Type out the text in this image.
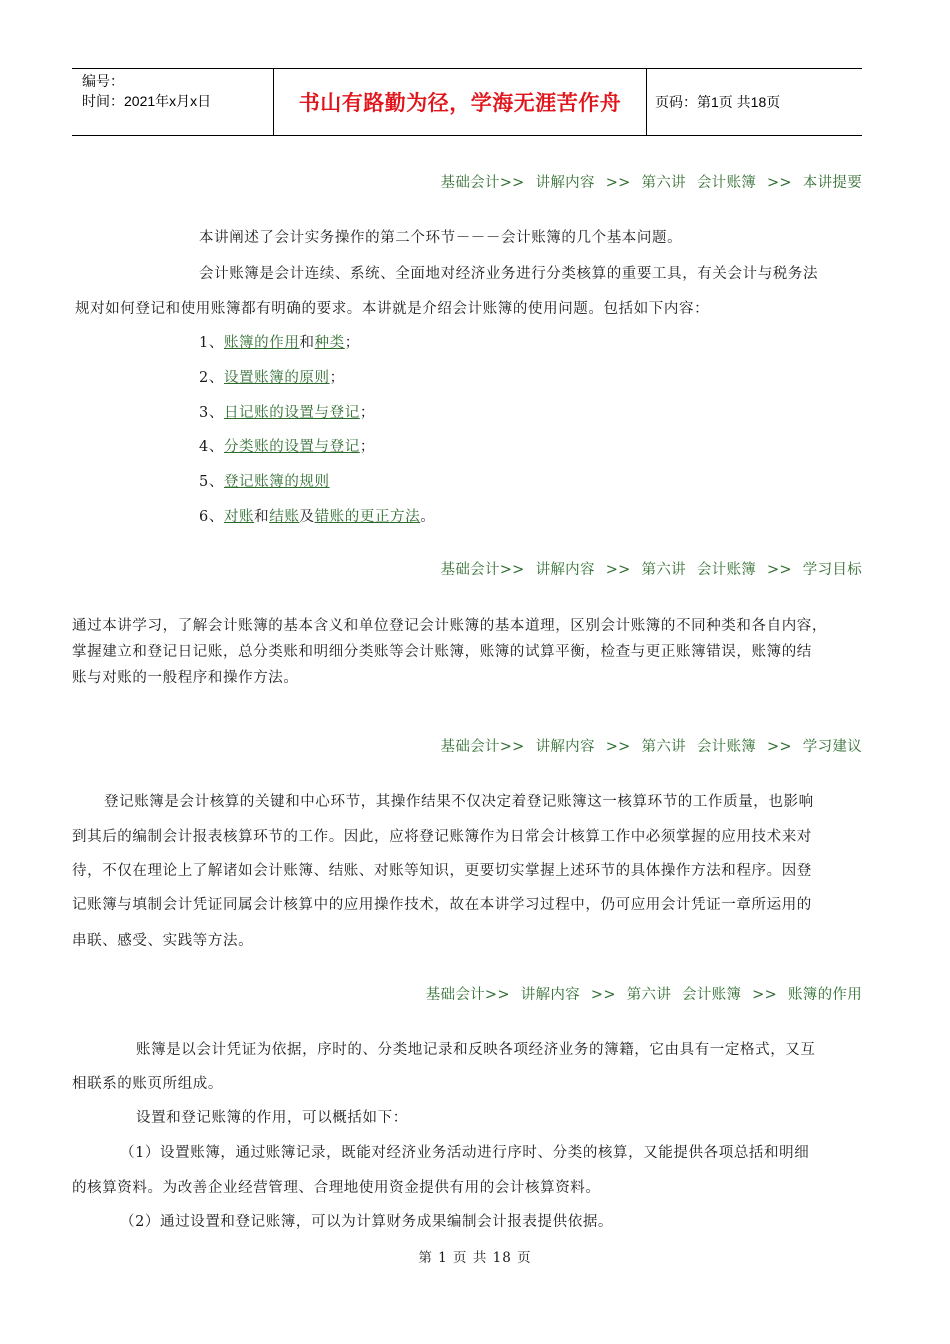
编号：
时间：2021年x月x日	书山有路勤为径，学海无涯苦作舟 页码：第1页 共18页
基础会计>> 讲解内容 >> 第六讲 会计账簿 >> 本讲提要
本讲阐述了会计实务操作的第二个环节－－－会计账簿的几个基本问题。
会计账簿是会计连续、系统、全面地对经济业务进行分类核算的重要工具，有关会计与税务法
规对如何登记和使用账簿都有明确的要求。本讲就是介绍会计账簿的使用问题。包括如下内容：
1、账簿的作用和种类；
2、设置账簿的原则；
3、日记账的设置与登记；
4、分类账的设置与登记；
5、登记账簿的规则
6、对账和结账及错账的更正方法。
基础会计>> 讲解内容 >> 第六讲 会计账簿 >> 学习目标
通过本讲学习，了解会计账簿的基本含义和单位登记会计账簿的基本道理，区别会计账簿的不同种类和各自内容，
掌握建立和登记日记账，总分类账和明细分类账等会计账簿，账簿的试算平衡，检查与更正账簿错误，账簿的结
账与对账的一般程序和操作方法。
基础会计>> 讲解内容 >> 第六讲 会计账簿 >> 学习建议
登记账簿是会计核算的关键和中心环节，其操作结果不仅决定着登记账簿这一核算环节的工作质量，也影响
到其后的编制会计报表核算环节的工作。因此，应将登记账簿作为日常会计核算工作中必须掌握的应用技术来对
待，不仅在理论上了解诸如会计账簿、结账、对账等知识，更要切实掌握上述环节的具体操作方法和程序。因登
记账簿与填制会计凭证同属会计核算中的应用操作技术，故在本讲学习过程中，仍可应用会计凭证一章所运用的
串联、感受、实践等方法。
基础会计>> 讲解内容 >> 第六讲 会计账簿 >> 账簿的作用
账簿是以会计凭证为依据，序时的、分类地记录和反映各项经济业务的簿籍，它由具有一定格式，又互
相联系的账页所组成。
设置和登记账簿的作用，可以概括如下：
（1）设置账簿，通过账簿记录，既能对经济业务活动进行序时、分类的核算，又能提供各项总括和明细
的核算资料。为改善企业经营管理、合理地使用资金提供有用的会计核算资料。
（2）通过设置和登记账簿，可以为计算财务成果编制会计报表提供依据。
第 1 页 共 18 页
